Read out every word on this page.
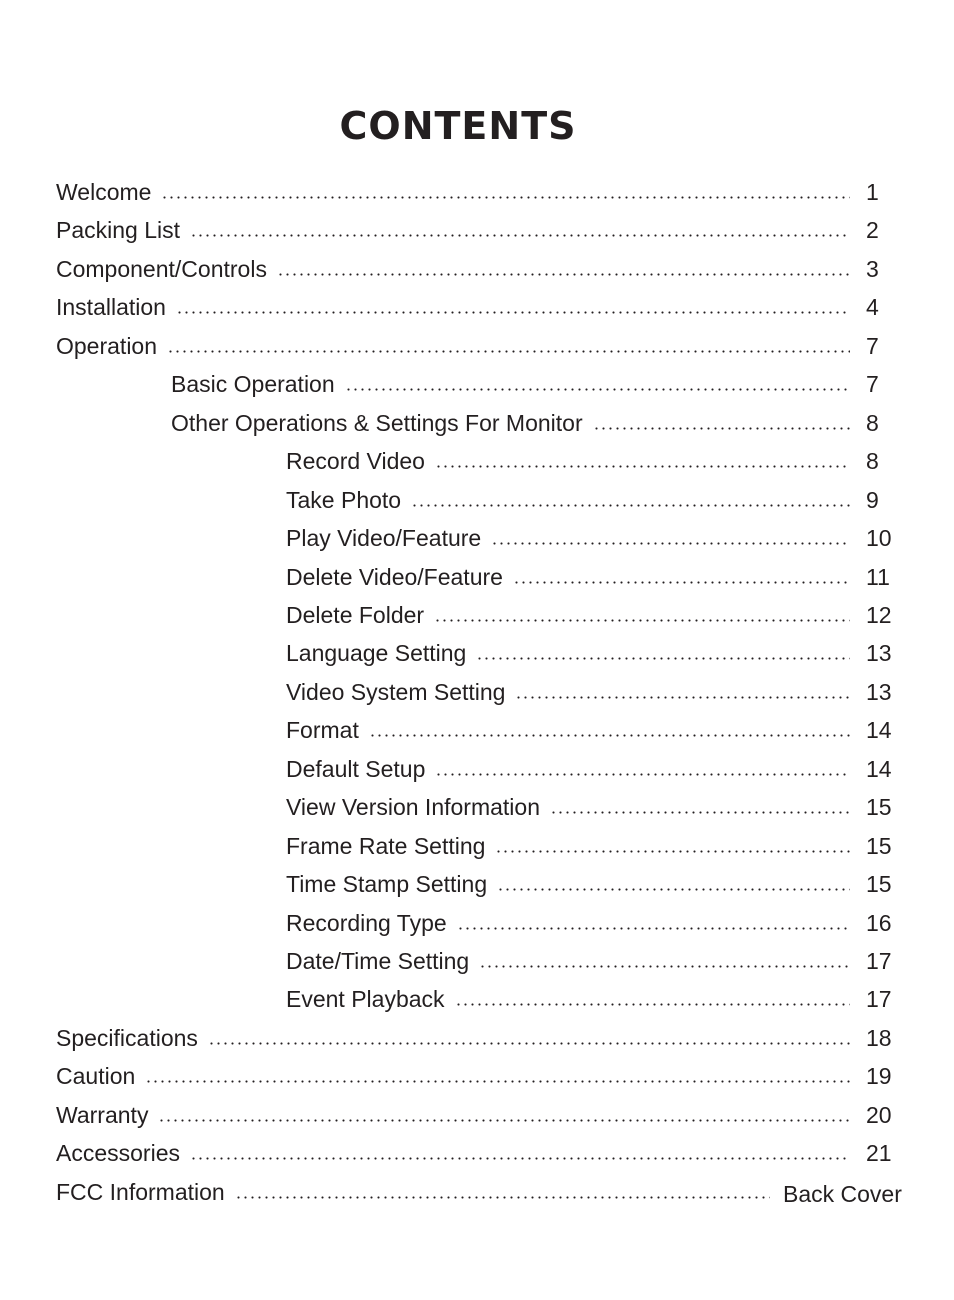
CONTENTS
Welcome	1
Packing List	2
Component/Controls	3
Installation	4
Operation	7
Basic Operation	7
Other Operations & Settings For Monitor	8
Record Video	8
Take Photo	9
Play Video/Feature	10
Delete Video/Feature	11
Delete Folder	12
Language Setting	13
Video System Setting	13
Format	14
Default Setup	14
View Version Information	15
Frame Rate Setting	15
Time Stamp Setting	15
Recording Type	16
Date/Time Setting	17
Event Playback	17
Specifications	18
Caution	19
Warranty	20
Accessories	21
FCC Information	Back Cover
